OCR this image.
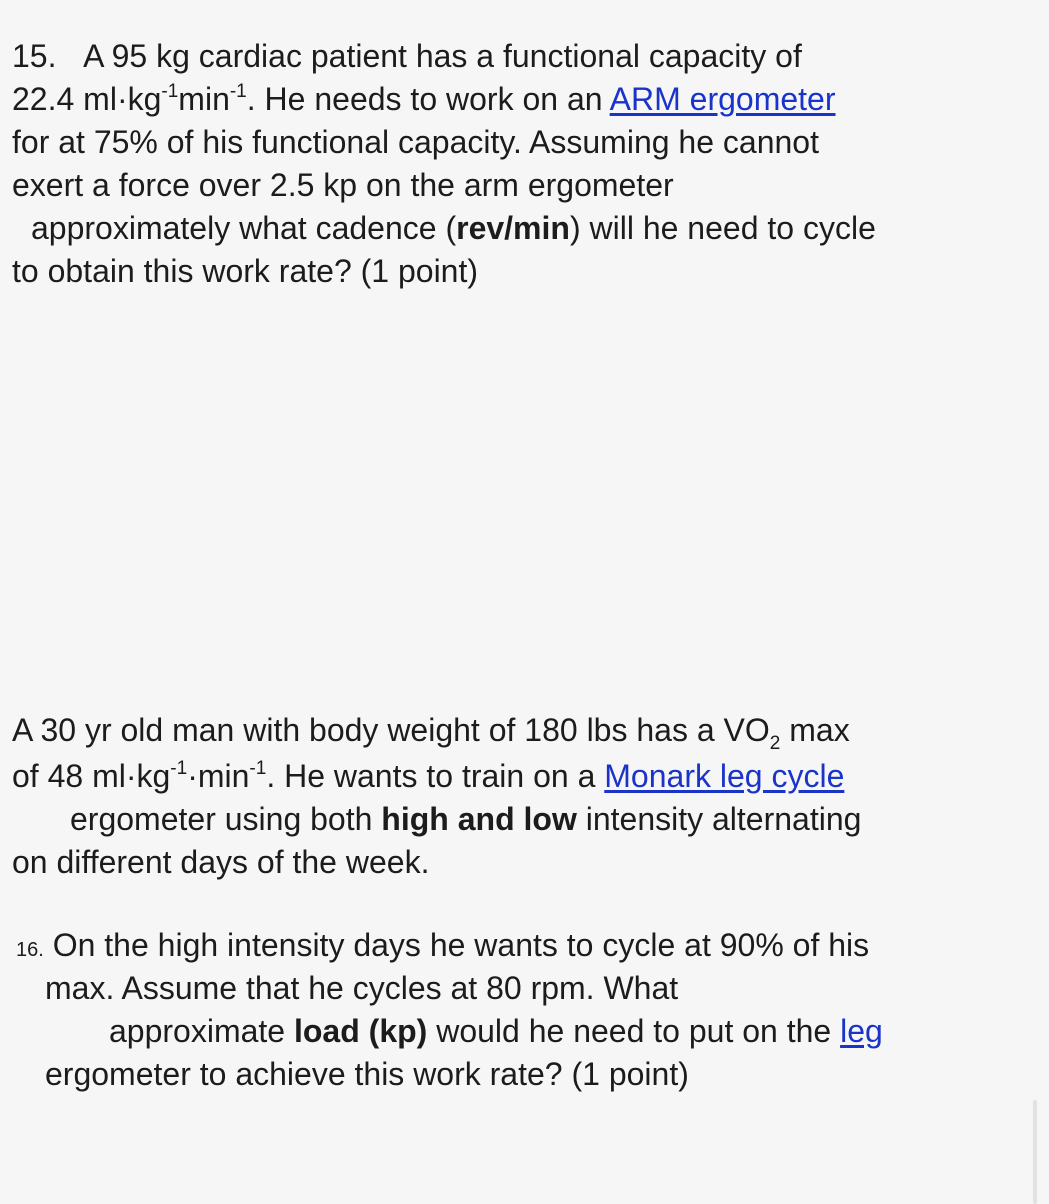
15. A 95 kg cardiac patient has a functional capacity of
22.4 $ml\cdot kg^{-1}\min^{-1}$. He needs to work on an ARM ergometer
for at 75% of his functional capacity. Assuming he cannot
exert a force over 2.5 kp on the arm ergometer
approximately what cadence (rev/min) will he need to cycle
to obtain this work rate? (1 point)
A 30 yr old man with body weight of 180 lbs has a $VO_2$ max
of 48 $ml\cdot kg^{-1}\cdot\min^{-1}$. He wants to train on a Monark leg cycle
ergometer using both high and low intensity alternating
on different days of the week.
16. On the high intensity days he wants to cycle at 90% of his
max. Assume that he cycles at 80 rpm. What
approximate load (kp) would he need to put on the leg
ergometer to achieve this work rate? (1 point)
